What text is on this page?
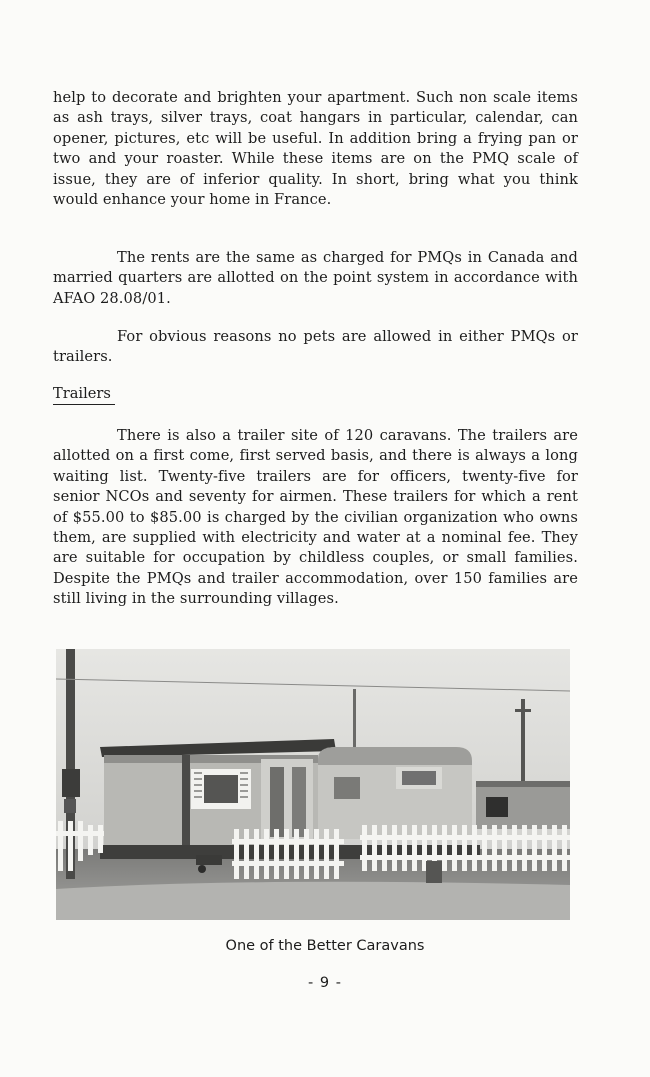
help to decorate and brighten your apartment. Such non scale items as ash trays, silver trays, coat hangars in particular, calendar, can opener, pictures, etc will be useful. In addition bring a frying pan or two and your roaster. While these items are on the PMQ scale of issue, they are of inferior quality. In short, bring what you think would enhance your home in France.

The rents are the same as charged for PMQs in Canada and married quarters are allotted on the point system in accordance with AFAO 28.08/01.

For obvious reasons no pets are allowed in either PMQs or trailers.

Trailers

There is also a trailer site of 120 caravans. The trailers are allotted on a first come, first served basis, and there is always a long waiting list. Twenty-five trailers are for officers, twenty-five for senior NCOs and seventy for airmen. These trailers for which a rent of $55.00 to $85.00 is charged by the civilian organization who owns them, are supplied with electricity and water at a nominal fee. They are suitable for occupation by childless couples, or small families. Despite the PMQs and trailer accommodation, over 150 families are still living in the surrounding villages.

One of the Better Caravans

- 9 -
